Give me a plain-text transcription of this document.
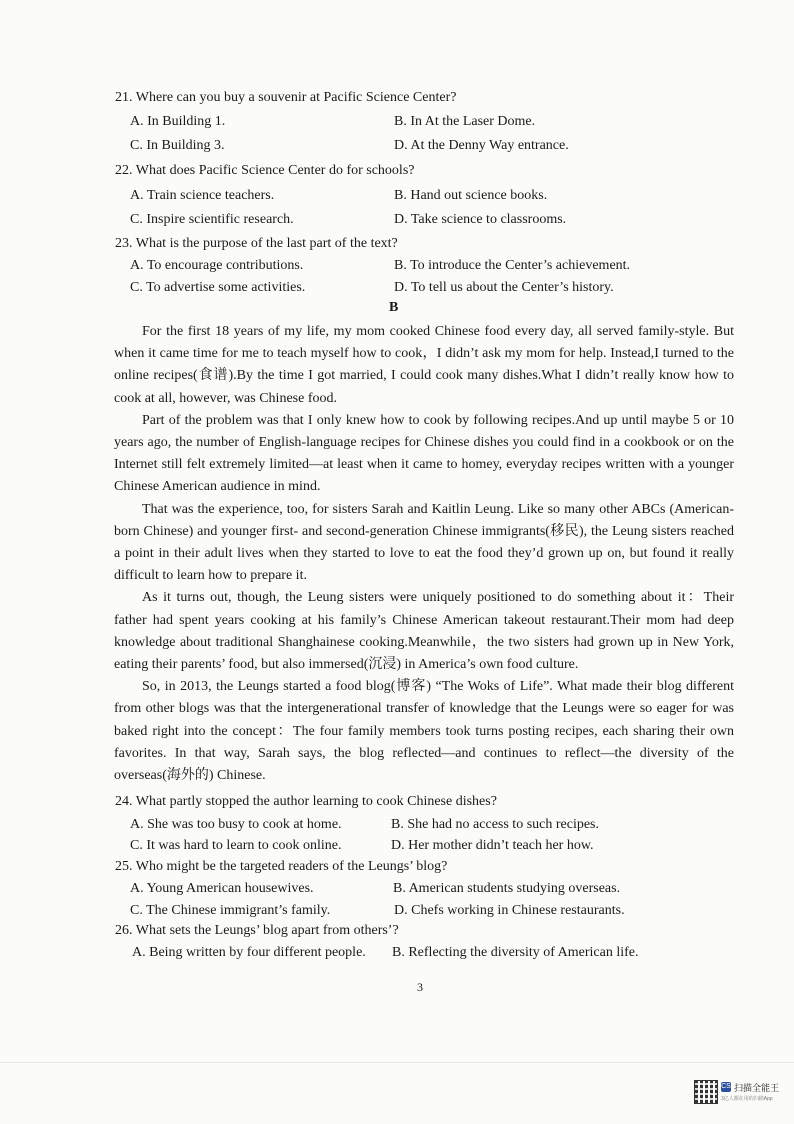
21. Where can you buy a souvenir at Pacific Science Center?
A. In Building 1.	B. In At the Laser Dome.
C. In Building 3.	D. At the Denny Way entrance.
22. What does Pacific Science Center do for schools?
A. Train science teachers.	B. Hand out science books.
C. Inspire scientific research.	D. Take science to classrooms.
23. What is the purpose of the last part of the text?
A. To encourage contributions.	B. To introduce the Center’s achievement.
C. To advertise some activities.	D. To tell us about the Center’s history.
B

For the first 18 years of my life, my mom cooked Chinese food every day, all served family-style. But when it came time for me to teach myself how to cook，I didn’t ask my mom for help. Instead,I turned to the online recipes(食谱).By the time I got married, I could cook many dishes.What I didn’t really know how to cook at all, however, was Chinese food.

Part of the problem was that I only knew how to cook by following recipes.And up until maybe 5 or 10 years ago, the number of English-language recipes for Chinese dishes you could find in a cookbook or on the Internet still felt extremely limited—at least when it came to homey, everyday recipes written with a younger Chinese American audience in mind.

That was the experience, too, for sisters Sarah and Kaitlin Leung. Like so many other ABCs (American-born Chinese) and younger first- and second-generation Chinese immigrants(移民), the Leung sisters reached a point in their adult lives when they started to love to eat the food they’d grown up on, but found it really difficult to learn how to prepare it.

As it turns out, though, the Leung sisters were uniquely positioned to do something about it：Their father had spent years cooking at his family’s Chinese American takeout restaurant.Their mom had deep knowledge about traditional Shanghainese cooking.Meanwhile，the two sisters had grown up in New York, eating their parents’ food, but also immersed(沉浸) in America’s own food culture.

So, in 2013, the Leungs started a food blog(博客) “The Woks of Life”. What made their blog different from other blogs was that the intergenerational transfer of knowledge that the Leungs were so eager for was baked right into the concept：The four family members took turns posting recipes, each sharing their own favorites. In that way, Sarah says, the blog reflected—and continues to reflect—the diversity of the overseas(海外的) Chinese.

24. What partly stopped the author learning to cook Chinese dishes?
A. She was too busy to cook at home.	B. She had no access to such recipes.
C. It was hard to learn to cook online.	D. Her mother didn’t teach her how.
25. Who might be the targeted readers of the Leungs’ blog?
A. Young American housewives.	B. American students studying overseas.
C. The Chinese immigrant’s family.	D. Chefs working in Chinese restaurants.
26. What sets the Leungs’ blog apart from others’?
A. Being written by four different people. B. Reflecting the diversity of American life.
3
CS 扫描全能王
3亿人都在用的扫描App
